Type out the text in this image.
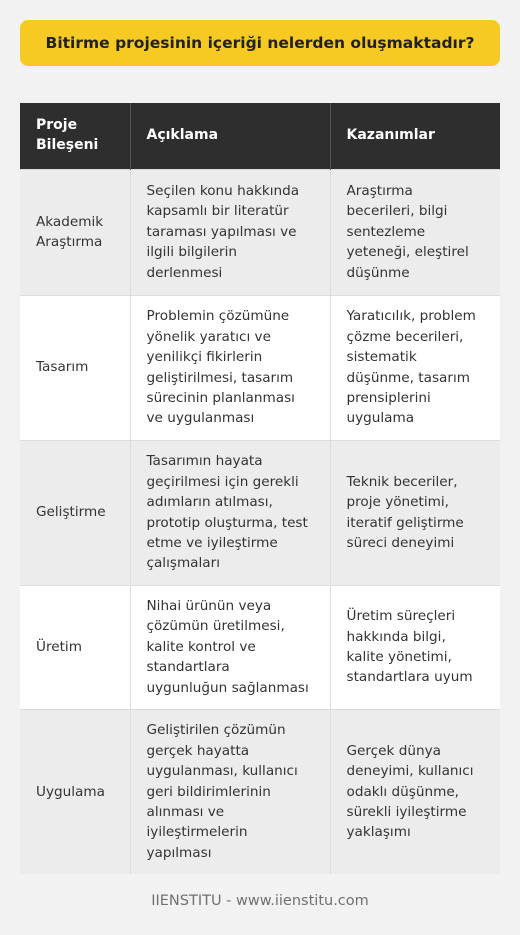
Bitirme projesinin içeriği nelerden oluşmaktadır?
Proje Bileşeni	Açıklama	Kazanımlar
Akademik Araştırma	Seçilen konu hakkında kapsamlı bir literatür taraması yapılması ve ilgili bilgilerin derlenmesi	Araştırma becerileri, bilgi sentezleme yeteneği, eleştirel düşünme
Tasarım	Problemin çözümüne yönelik yaratıcı ve yenilikçi fikirlerin geliştirilmesi, tasarım sürecinin planlanması ve uygulanması	Yaratıcılık, problem çözme becerileri, sistematik düşünme, tasarım prensiplerini uygulama
Geliştirme	Tasarımın hayata geçirilmesi için gerekli adımların atılması, prototip oluşturma, test etme ve iyileştirme çalışmaları	Teknik beceriler, proje yönetimi, iteratif geliştirme süreci deneyimi
Üretim	Nihai ürünün veya çözümün üretilmesi, kalite kontrol ve standartlara uygunluğun sağlanması	Üretim süreçleri hakkında bilgi, kalite yönetimi, standartlara uyum
Uygulama	Geliştirilen çözümün gerçek hayatta uygulanması, kullanıcı geri bildirimlerinin alınması ve iyileştirmelerin yapılması	Gerçek dünya deneyimi, kullanıcı odaklı düşünme, sürekli iyileştirme yaklaşımı
IIENSTITU - www.iienstitu.com
